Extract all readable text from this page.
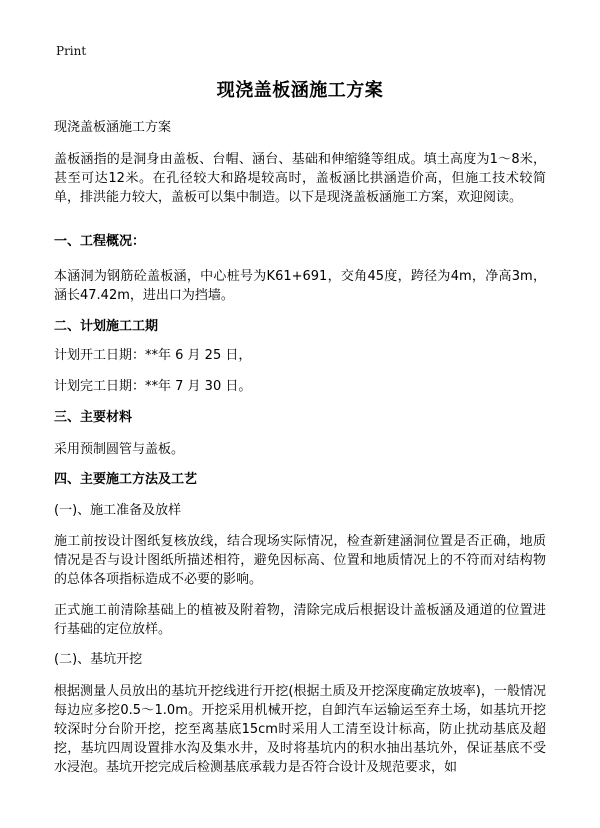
Print
现浇盖板涵施工方案
现浇盖板涵施工方案
盖板涵指的是洞身由盖板、台帽、涵台、基础和伸缩缝等组成。填土高度为1～8米，甚至可达12米。在孔径较大和路堤较高时，盖板涵比拱涵造价高，但施工技术较简单，排洪能力较大，盖板可以集中制造。以下是现浇盖板涵施工方案，欢迎阅读。
一、工程概况：
本涵洞为钢筋砼盖板涵，中心桩号为K61+691，交角45度，跨径为4m，净高3m，涵长47.42m，进出口为挡墙。
二、计划施工工期
计划开工日期：**年 6 月 25 日，
计划完工日期：**年 7 月 30 日。
三、主要材料
采用预制圆管与盖板。
四、主要施工方法及工艺
(一)、施工准备及放样
施工前按设计图纸复核放线，结合现场实际情况，检查新建涵洞位置是否正确，地质情况是否与设计图纸所描述相符，避免因标高、位置和地质情况上的不符而对结构物的总体各项指标造成不必要的影响。
正式施工前清除基础上的植被及附着物，清除完成后根据设计盖板涵及通道的位置进行基础的定位放样。
(二)、基坑开挖
根据测量人员放出的基坑开挖线进行开挖(根据土质及开挖深度确定放坡率)，一般情况每边应多挖0.5～1.0m。开挖采用机械开挖，自卸汽车运输运至弃土场，如基坑开挖较深时分台阶开挖，挖至离基底15cm时采用人工清至设计标高，防止扰动基底及超挖，基坑四周设置排水沟及集水井，及时将基坑内的积水抽出基坑外，保证基底不受水浸泡。基坑开挖完成后检测基底承载力是否符合设计及规范要求，如
